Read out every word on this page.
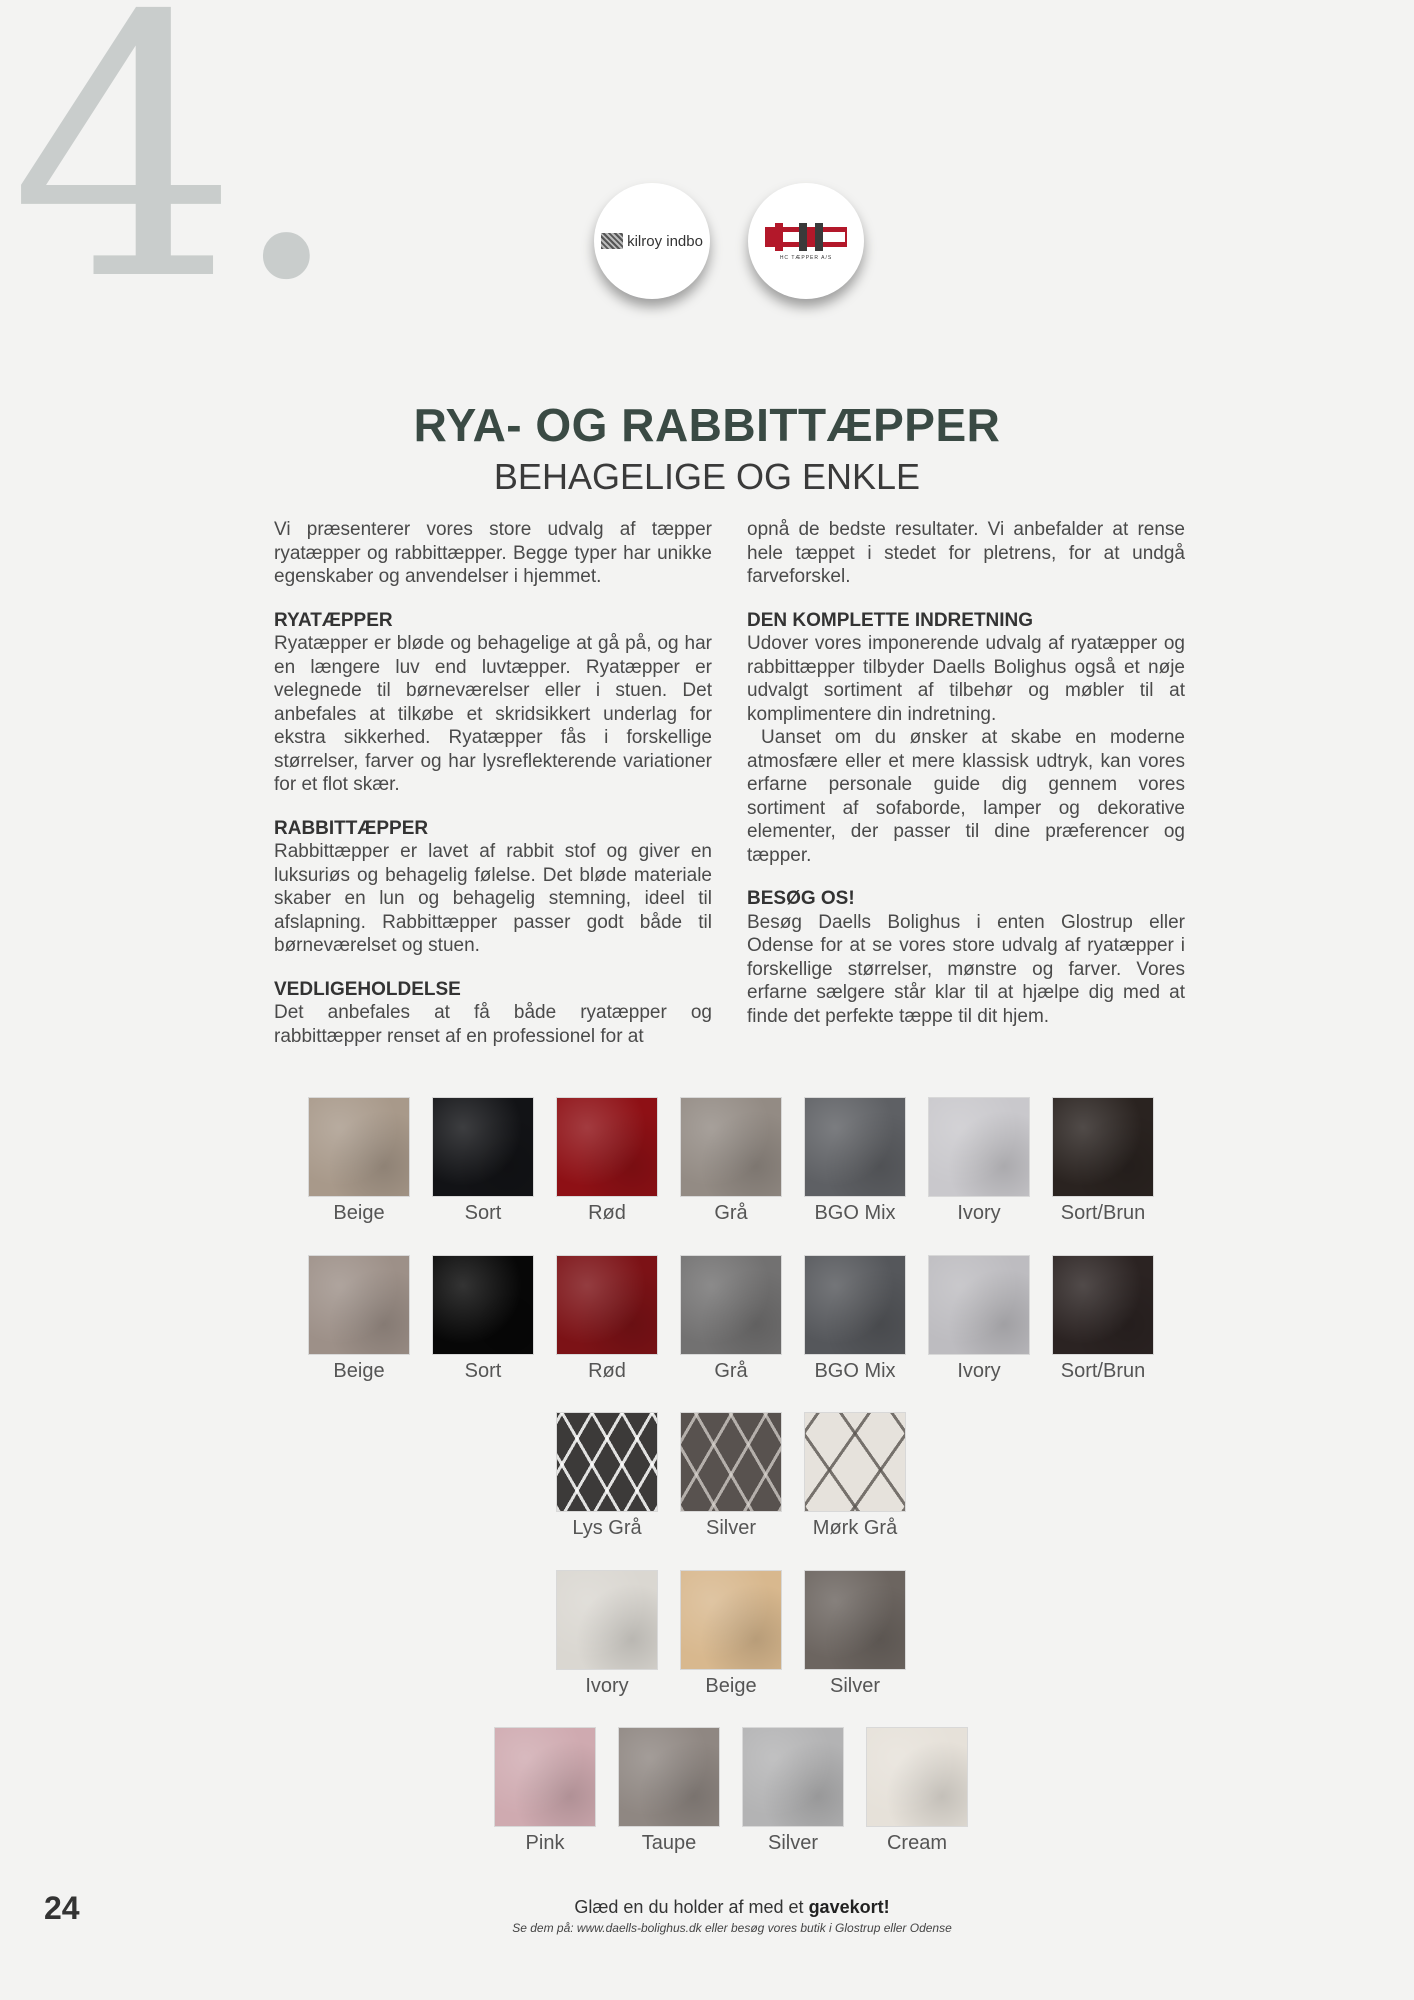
4.	kilroy indbo
HC TÆPPER A/S
RYA- OG RABBITTÆPPER
BEHAGELIGE OG ENKLE

Vi præsenterer vores store udvalg af tæpper ryatæpper og rabbittæpper. Begge typer har unikke egenskaber og anvendelser i hjemmet.

RYATÆPPER

Ryatæpper er bløde og behagelige at gå på, og har en længere luv end luvtæpper. Ryatæpper er velegnede til børneværelser eller i stuen. Det anbefales at tilkøbe et skridsikkert underlag for ekstra sikkerhed. Ryatæpper fås i forskellige størrelser, farver og har lysreflekterende variationer for et flot skær.

RABBITTÆPPER

Rabbittæpper er lavet af rabbit stof og giver en luksuriøs og behagelig følelse. Det bløde materiale skaber en lun og behagelig stemning, ideel til afslapning. Rabbittæpper passer godt både til børneværelset og stuen.

VEDLIGEHOLDELSE

Det anbefales at få både ryatæpper og rabbittæpper renset af en professionel for at

opnå de bedste resultater. Vi anbefalder at rense hele tæppet i stedet for pletrens, for at undgå farveforskel.

DEN KOMPLETTE INDRETNING

Udover vores imponerende udvalg af ryatæpper og rabbittæpper tilbyder Daells Bolighus også et nøje udvalgt sortiment af tilbehør og møbler til at komplimentere din indretning.

Uanset om du ønsker at skabe en moderne atmosfære eller et mere klassisk udtryk, kan vores erfarne personale guide dig gennem vores sortiment af sofaborde, lamper og dekorative elementer, der passer til dine præferencer og tæpper.

BESØG OS!

Besøg Daells Bolighus i enten Glostrup eller Odense for at se vores store udvalg af ryatæpper i forskellige størrelser, mønstre og farver. Vores erfarne sælgere står klar til at hjælpe dig med at finde det perfekte tæppe til dit hjem.

Beige	Sort	Rød	Grå	BGO Mix	Ivory	Sort/Brun
Beige	Sort	Rød	Grå	BGO Mix	Ivory	Sort/Brun
Lys Grå	Silver	Mørk Grå
Ivory	Beige	Silver
Pink	Taupe	Silver	Cream
24	Glæd en du holder af med et gavekort!
Se dem på: www.daells-bolighus.dk eller besøg vores butik i Glostrup eller Odense
